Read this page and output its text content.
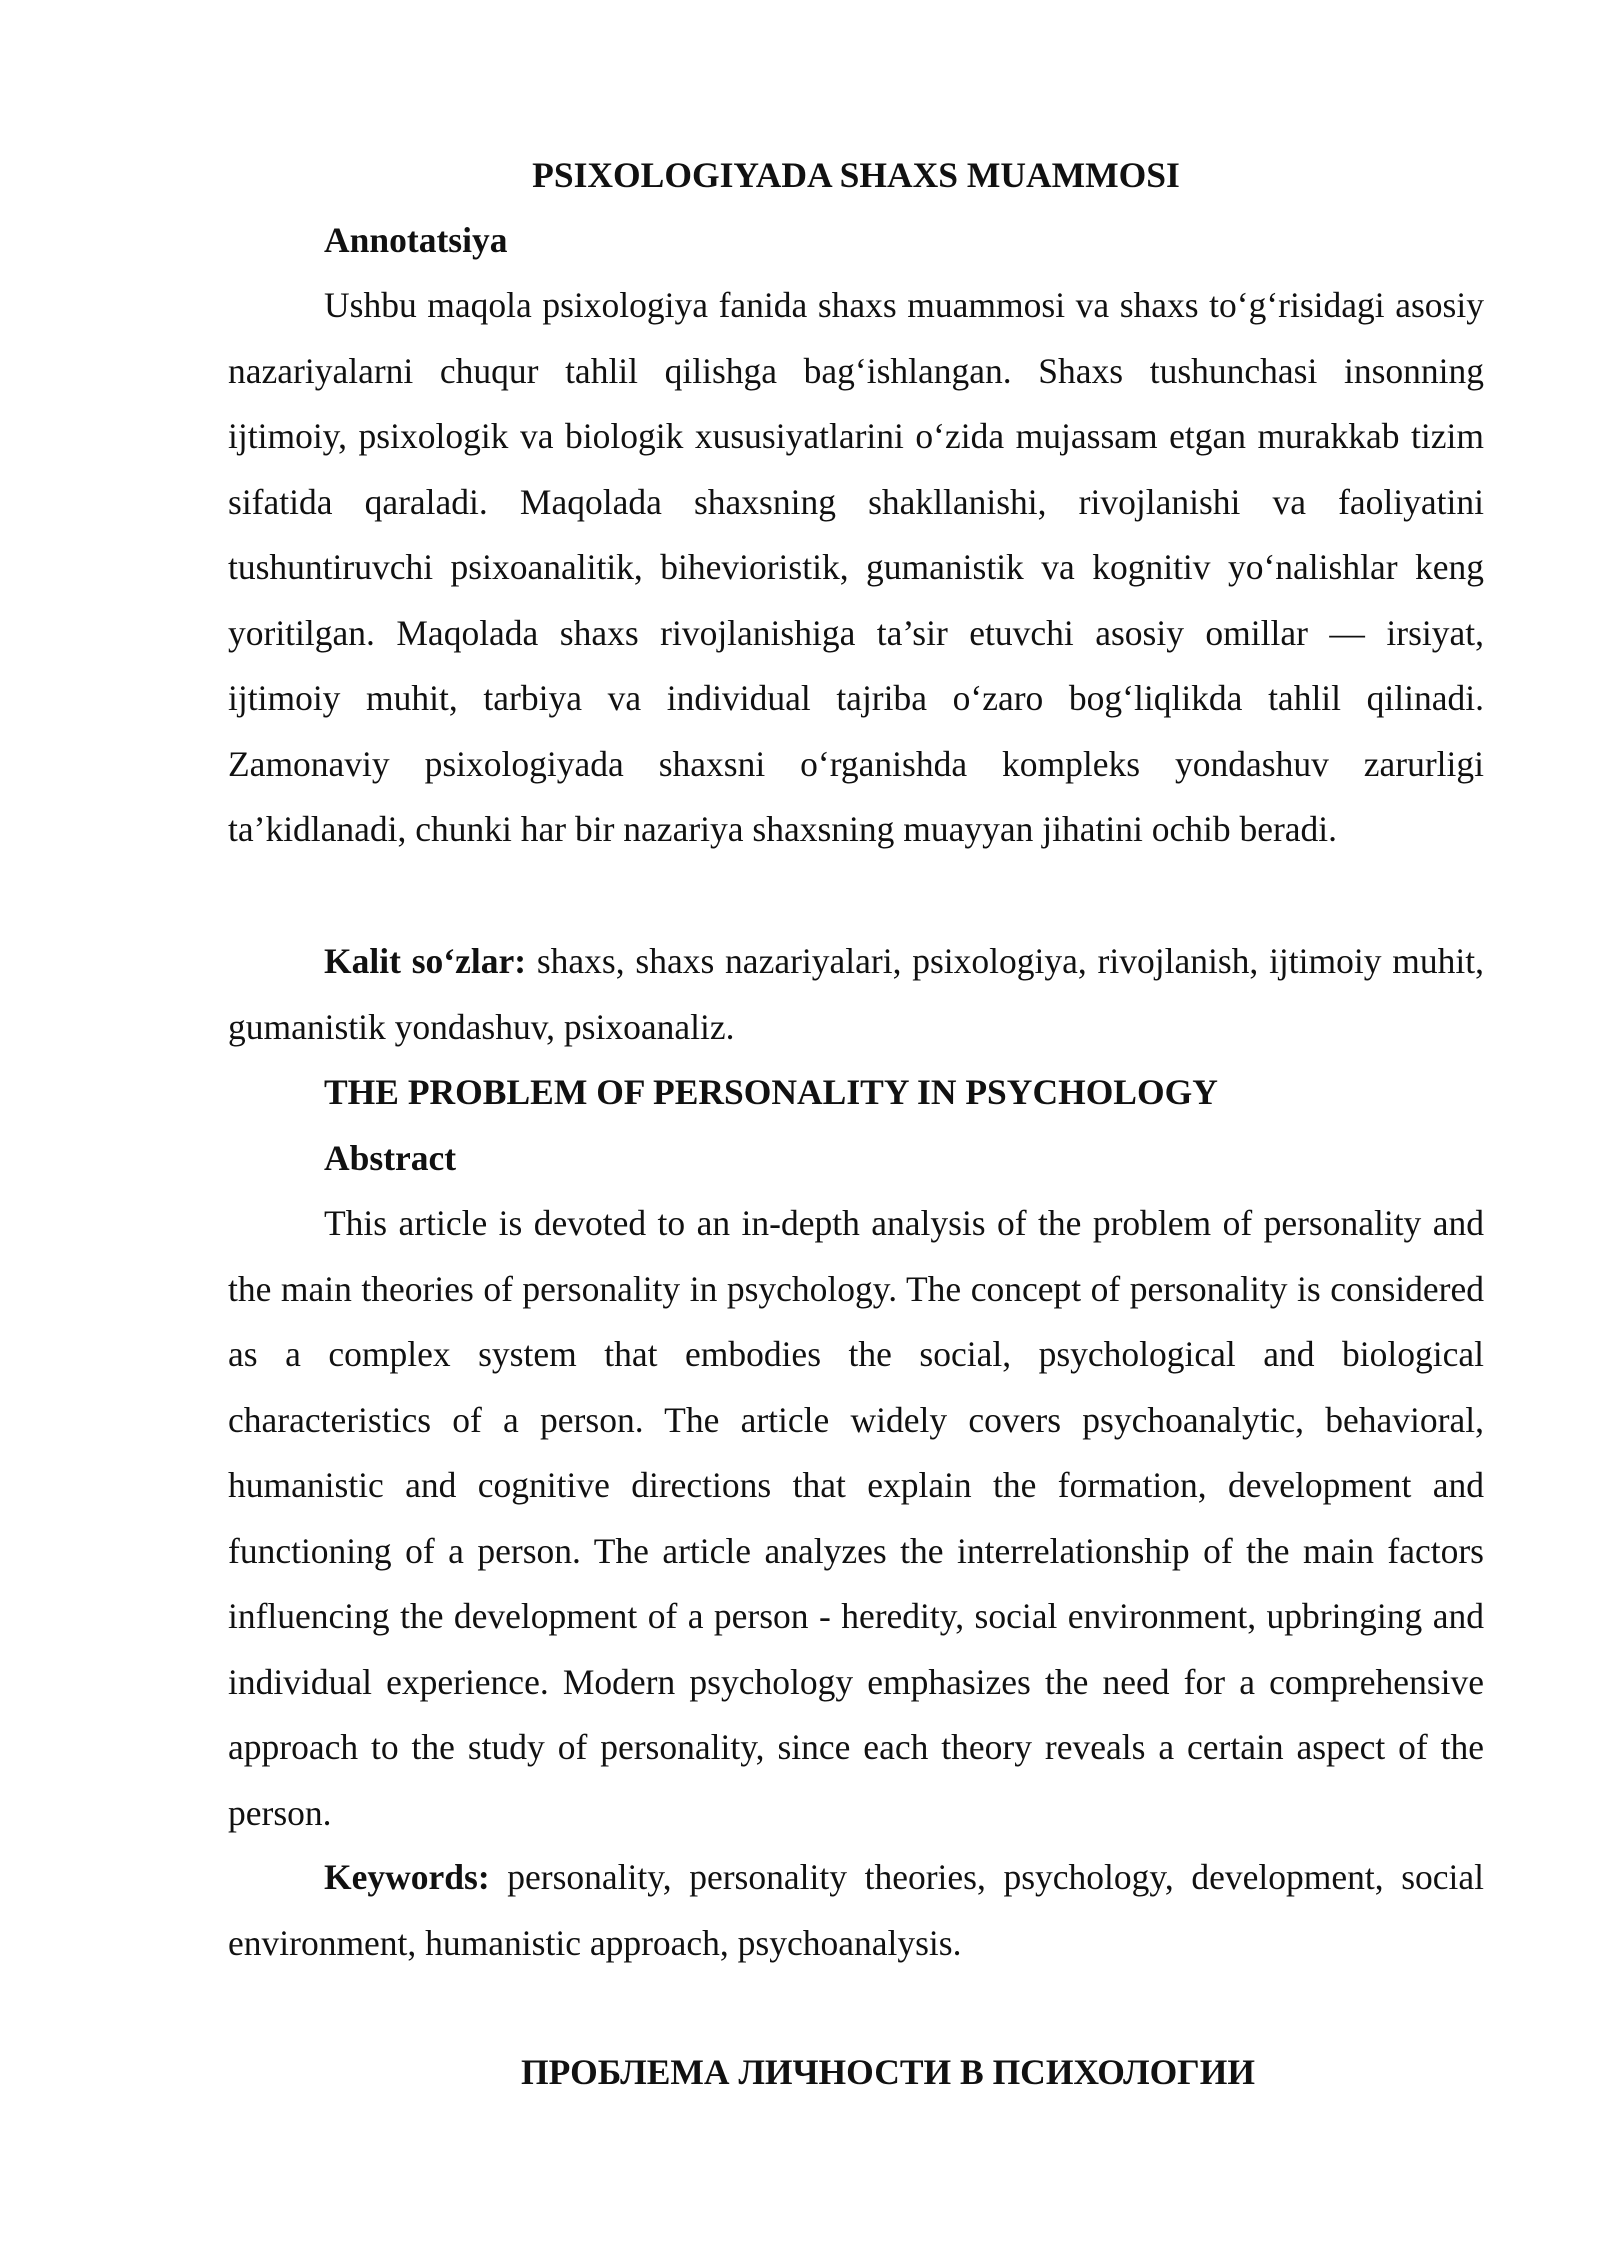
PSIXOLOGIYADA SHAXS MUAMMOSI
Annotatsiya

Ushbu maqola psixologiya fanida shaxs muammosi va shaxs to‘g‘risidagi asosiy nazariyalarni chuqur tahlil qilishga bag‘ishlangan. Shaxs tushunchasi insonning ijtimoiy, psixologik va biologik xususiyatlarini o‘zida mujassam etgan murakkab tizim sifatida qaraladi. Maqolada shaxsning shakllanishi, rivojlanishi va faoliyatini tushuntiruvchi psixoanalitik, bihevioristik, gumanistik va kognitiv yo‘nalishlar keng yoritilgan. Maqolada shaxs rivojlanishiga ta’sir etuvchi asosiy omillar — irsiyat, ijtimoiy muhit, tarbiya va individual tajriba o‘zaro bog‘liqlikda tahlil qilinadi. Zamonaviy psixologiyada shaxsni o‘rganishda kompleks yondashuv zarurligi ta’kidlanadi, chunki har bir nazariya shaxsning muayyan jihatini ochib beradi.

Kalit so‘zlar: shaxs, shaxs nazariyalari, psixologiya, rivojlanish, ijtimoiy muhit, gumanistik yondashuv, psixoanaliz.

THE PROBLEM OF PERSONALITY IN PSYCHOLOGY
Abstract

This article is devoted to an in-depth analysis of the problem of personality and the main theories of personality in psychology. The concept of personality is considered as a complex system that embodies the social, psychological and biological characteristics of a person. The article widely covers psychoanalytic, behavioral, humanistic and cognitive directions that explain the formation, development and functioning of a person. The article analyzes the interrelationship of the main factors influencing the development of a person - heredity, social environment, upbringing and individual experience. Modern psychology emphasizes the need for a comprehensive approach to the study of personality, since each theory reveals a certain aspect of the person.

Keywords: personality, personality theories, psychology, development, social environment, humanistic approach, psychoanalysis.

ПРОБЛЕМА ЛИЧНОСТИ В ПСИХОЛОГИИ
